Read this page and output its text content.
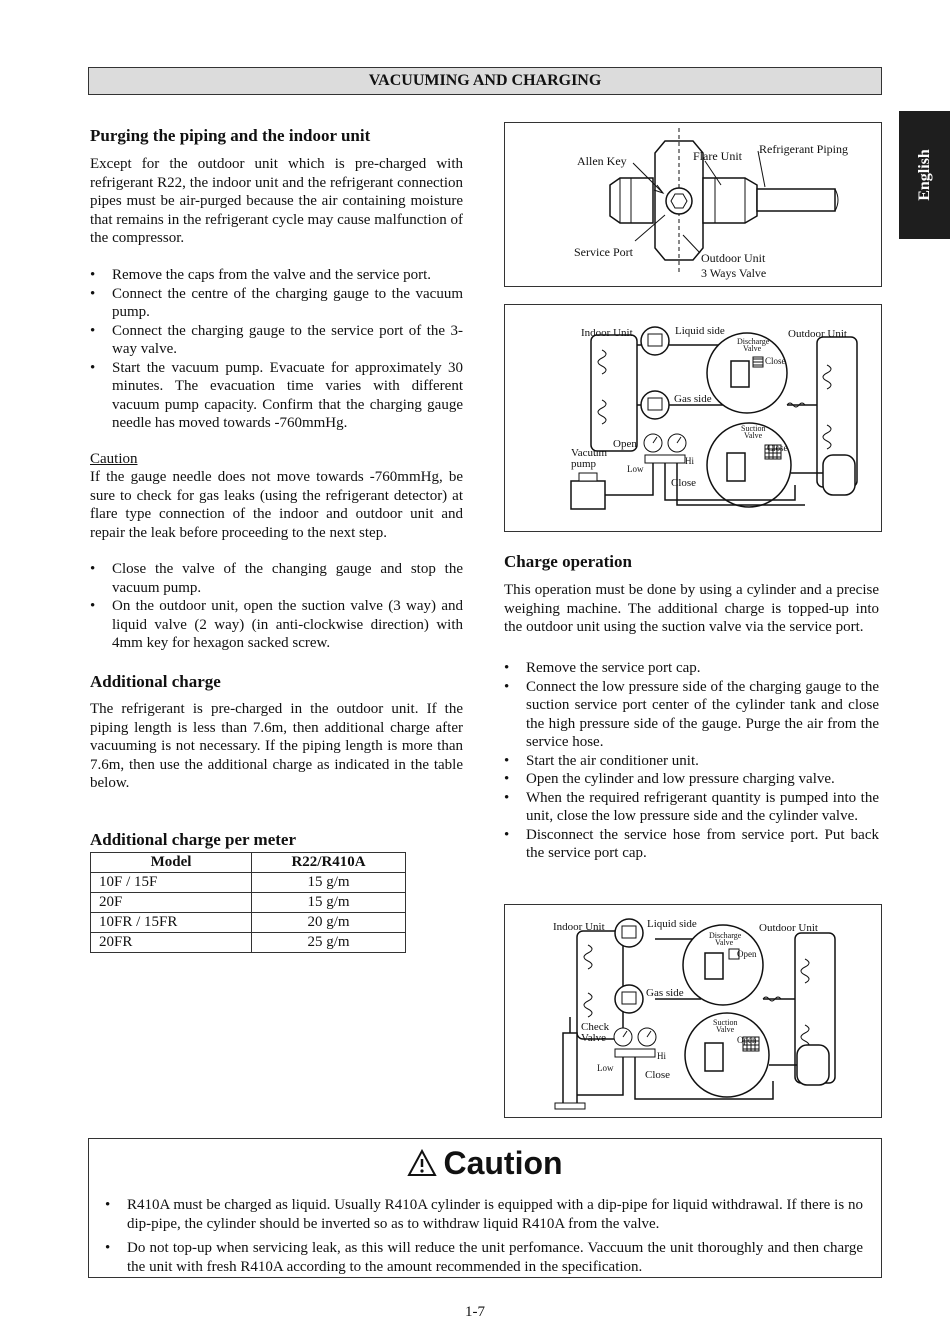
VACUUMING AND CHARGING
English
Purging the piping and the indoor unit

Except for the outdoor unit which is pre-charged with refrigerant R22, the indoor unit and the refrigerant connection pipes must be air-purged because the air containing moisture that remains in the refrigerant cycle may cause malfunction of the compressor.

• Remove the caps from the valve and the service port.
• Connect the centre of the charging gauge to the vacuum pump.
• Connect the charging gauge to the service port of the 3-way valve.
• Start the vacuum pump. Evacuate for approximately 30 minutes. The evacuation time varies with different vacuum pump capacity. Confirm that the charging gauge needle has moved towards -760mmHg.

Caution

If the gauge needle does not move towards -760mmHg, be sure to check for gas leaks (using the refrigerant detector) at flare type connection of the indoor and outdoor unit and repair the leak before proceeding to the next step.

• Close the valve of the changing gauge and stop the vacuum pump.
• On the outdoor unit, open the suction valve (3 way) and liquid valve (2 way) (in anti-clockwise direction) with 4mm key for hexagon sacked screw.
Additional charge

The refrigerant is pre-charged in the outdoor unit. If the piping length is less than 7.6m, then additional charge after vacuuming is not necessary. If the piping length is more than 7.6m, then use the additional charge as indicated in the table below.

Additional charge per meter
Model	R22/R410A
10F / 15F	15 g/m
20F	15 g/m
10FR / 15FR	20 g/m
20FR	25 g/m
Allen Key	Flare Unit Refrigerant Piping
Service Port	Outdoor Unit
3 Ways Valve
Indoor Unit	Liquid side	Outdoor Unit
Discharge
Valve
Close
Gas side
Suction
Valve
Close
Open
Vacuum
pump	Hi
Low
Close
Charge operation

This operation must be done by using a cylinder and a precise weighing machine. The additional charge is topped-up into the outdoor unit using the suction valve via the service port.

• Remove the service port cap.
• Connect the low pressure side of the charging gauge to the suction service port center of the cylinder tank and close the high pressure side of the gauge. Purge the air from the service hose.
• Start the air conditioner unit.
• Open the cylinder and low pressure charging valve.
• When the required refrigerant quantity is pumped into the unit, close the low pressure side and the cylinder valve.
• Disconnect the service hose from service port. Put back the service port cap.
Indoor Unit	Liquid side	Outdoor Unit
Discharge
Valve
Open
Gas side
Suction
Valve
Open
Check
Valve
Hi
Low
Close
Caution
• R410A must be charged as liquid. Usually R410A cylinder is equipped with a dip-pipe for liquid withdrawal. If there is no dip-pipe, the cylinder should be inverted so as to withdraw liquid R410A from the valve.
• Do not top-up when servicing leak, as this will reduce the unit perfomance. Vaccuum the unit thoroughly and then charge the unit with fresh R410A according to the amount recommended in the specification.
1-7
